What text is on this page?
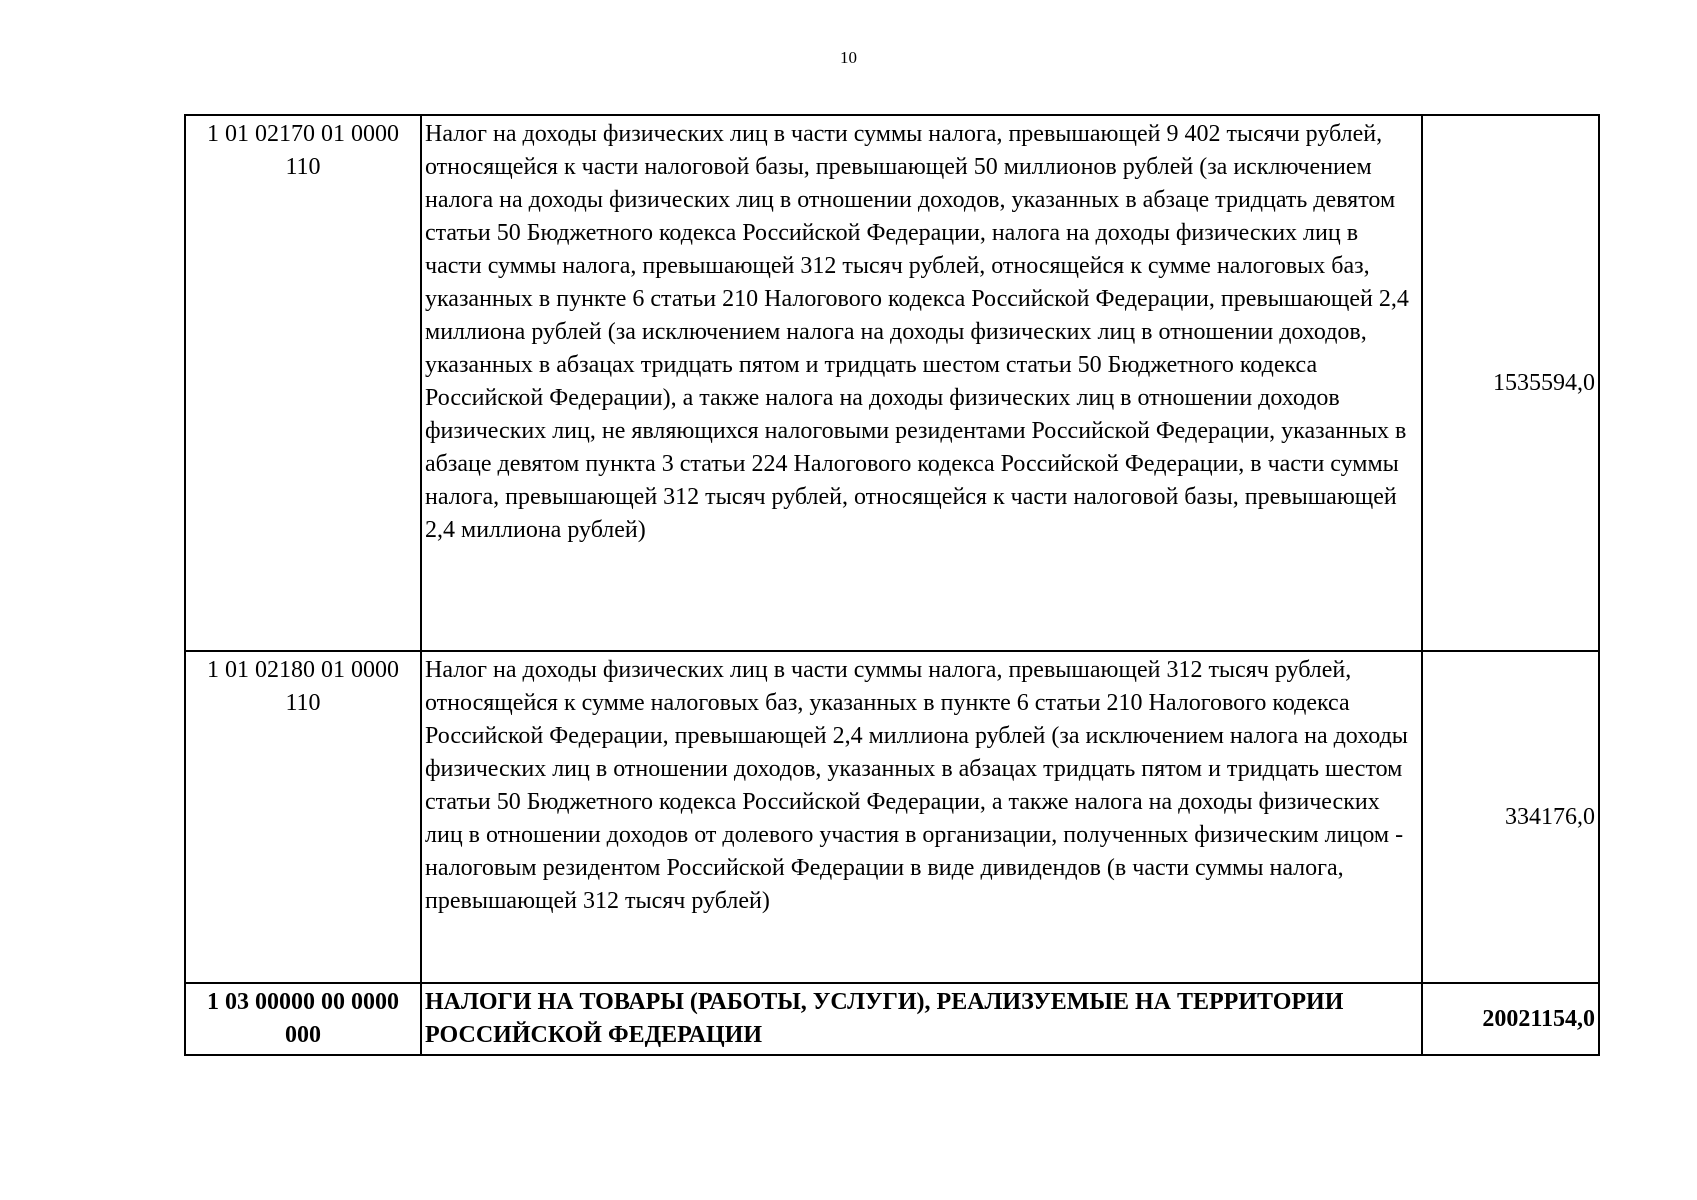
10
1 01 02170 01 0000 110	Налог на доходы физических лиц в части суммы налога, превышающей 9 402 тысячи рублей, относящейся к части налоговой базы, превышающей 50 миллионов рублей (за исключением налога на доходы физических лиц в отношении доходов, указанных в абзаце тридцать девятом статьи 50 Бюджетного кодекса Российской Федерации, налога на доходы физических лиц в части суммы налога, превышающей 312 тысяч рублей, относящейся к сумме налоговых баз, указанных в пункте 6 статьи 210 Налогового кодекса Российской Федерации, превышающей 2,4 миллиона рублей (за исключением налога на доходы физических лиц в отношении доходов, указанных в абзацах тридцать пятом и тридцать шестом статьи 50 Бюджетного кодекса Российской Федерации), а также налога на доходы физических лиц в отношении доходов физических лиц, не являющихся налоговыми резидентами Российской Федерации, указанных в абзаце девятом пункта 3 статьи 224 Налогового кодекса Российской Федерации, в части суммы налога, превышающей 312 тысяч рублей, относящейся к части налоговой базы, превышающей 2,4 миллиона рублей)	1535594,0
1 01 02180 01 0000 110	Налог на доходы физических лиц в части суммы налога, превышающей 312 тысяч рублей, относящейся к сумме налоговых баз, указанных в пункте 6 статьи 210 Налогового кодекса Российской Федерации, превышающей 2,4 миллиона рублей (за исключением налога на доходы физических лиц в отношении доходов, указанных в абзацах тридцать пятом и тридцать шестом статьи 50 Бюджетного кодекса Российской Федерации, а также налога на доходы физических лиц в отношении доходов от долевого участия в организации, полученных физическим лицом - налоговым резидентом Российской Федерации в виде дивидендов (в части суммы налога, превышающей 312 тысяч рублей)	334176,0
1 03 00000 00 0000 000	НАЛОГИ НА ТОВАРЫ (РАБОТЫ, УСЛУГИ), РЕАЛИЗУЕМЫЕ НА ТЕРРИТОРИИ РОССИЙСКОЙ ФЕДЕРАЦИИ	20021154,0
